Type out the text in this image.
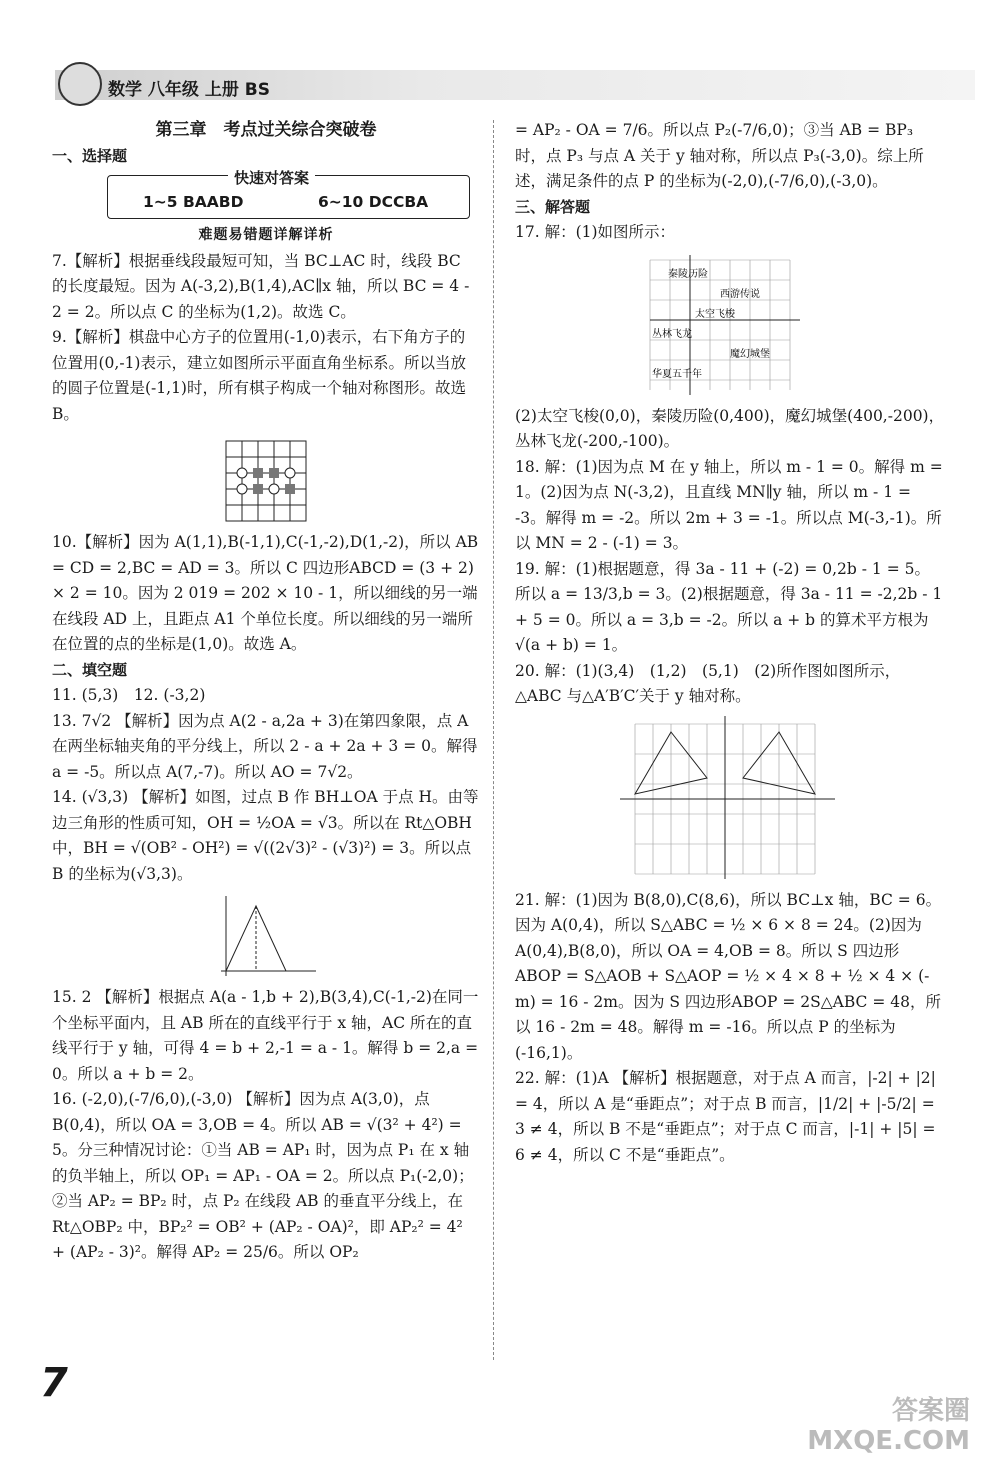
数学 八年级 上册 BS

第三章　考点过关综合突破卷

一、选择题

快速对答案
1~5 BAABD	6~10 DCCBA

难题易错题详解详析

7.【解析】根据垂线段最短可知，当 BC⊥AC 时，线段 BC 的长度最短。因为 A(-3,2),B(1,4),AC∥x 轴，所以 BC = 4 - 2 = 2。所以点 C 的坐标为(1,2)。故选 C。

9.【解析】棋盘中心方子的位置用(-1,0)表示，右下角方子的位置用(0,-1)表示，建立如图所示平面直角坐标系。所以当放的圆子位置是(-1,1)时，所有棋子构成一个轴对称图形。故选 B。

10.【解析】因为 A(1,1),B(-1,1),C(-1,-2),D(1,-2)，所以 AB = CD = 2,BC = AD = 3。所以 C 四边形ABCD = (3 + 2) × 2 = 10。因为 2 019 = 202 × 10 - 1，所以细线的另一端在线段 AD 上，且距点 A1 个单位长度。所以细线的另一端所在位置的点的坐标是(1,0)。故选 A。

二、填空题

11. (5,3)　12. (-3,2)

13. 7√2 【解析】因为点 A(2 - a,2a + 3)在第四象限，点 A 在两坐标轴夹角的平分线上，所以 2 - a + 2a + 3 = 0。解得 a = -5。所以点 A(7,-7)。所以 AO = 7√2。

14. (√3,3) 【解析】如图，过点 B 作 BH⊥OA 于点 H。由等边三角形的性质可知，OH = ½OA = √3。所以在 Rt△OBH 中，BH = √(OB² - OH²) = √((2√3)² - (√3)²) = 3。所以点 B 的坐标为(√3,3)。

15. 2 【解析】根据点 A(a - 1,b + 2),B(3,4),C(-1,-2)在同一个坐标平面内，且 AB 所在的直线平行于 x 轴，AC 所在的直线平行于 y 轴，可得 4 = b + 2,-1 = a - 1。解得 b = 2,a = 0。所以 a + b = 2。

16. (-2,0),(-7/6,0),(-3,0) 【解析】因为点 A(3,0)，点 B(0,4)，所以 OA = 3,OB = 4。所以 AB = √(3² + 4²) = 5。分三种情况讨论：①当 AB = AP₁ 时，因为点 P₁ 在 x 轴的负半轴上，所以 OP₁ = AP₁ - OA = 2。所以点 P₁(-2,0)；②当 AP₂ = BP₂ 时，点 P₂ 在线段 AB 的垂直平分线上，在 Rt△OBP₂ 中，BP₂² = OB² + (AP₂ - OA)²，即 AP₂² = 4² + (AP₂ - 3)²。解得 AP₂ = 25/6。所以 OP₂

= AP₂ - OA = 7/6。所以点 P₂(-7/6,0)；③当 AB = BP₃ 时，点 P₃ 与点 A 关于 y 轴对称，所以点 P₃(-3,0)。综上所述，满足条件的点 P 的坐标为(-2,0),(-7/6,0),(-3,0)。

三、解答题

17. 解：(1)如图所示：

秦陵历险
西游传说
太空飞梭
丛林飞龙
魔幻城堡
华夏五千年

(2)太空飞梭(0,0)，秦陵历险(0,400)，魔幻城堡(400,-200)，丛林飞龙(-200,-100)。

18. 解：(1)因为点 M 在 y 轴上，所以 m - 1 = 0。解得 m = 1。(2)因为点 N(-3,2)，且直线 MN∥y 轴，所以 m - 1 = -3。解得 m = -2。所以 2m + 3 = -1。所以点 M(-3,-1)。所以 MN = 2 - (-1) = 3。

19. 解：(1)根据题意，得 3a - 11 + (-2) = 0,2b - 1 = 5。所以 a = 13/3,b = 3。(2)根据题意，得 3a - 11 = -2,2b - 1 + 5 = 0。所以 a = 3,b = -2。所以 a + b 的算术平方根为 √(a + b) = 1。

20. 解：(1)(3,4)　(1,2)　(5,1)　(2)所作图如图所示，△ABC 与△A′B′C′关于 y 轴对称。

21. 解：(1)因为 B(8,0),C(8,6)，所以 BC⊥x 轴，BC = 6。因为 A(0,4)，所以 S△ABC = ½ × 6 × 8 = 24。(2)因为 A(0,4),B(8,0)，所以 OA = 4,OB = 8。所以 S 四边形ABOP = S△AOB + S△AOP = ½ × 4 × 8 + ½ × 4 × (-m) = 16 - 2m。因为 S 四边形ABOP = 2S△ABC = 48，所以 16 - 2m = 48。解得 m = -16。所以点 P 的坐标为(-16,1)。

22. 解：(1)A 【解析】根据题意，对于点 A 而言，|-2| + |2| = 4，所以 A 是“垂距点”；对于点 B 而言，|1/2| + |-5/2| = 3 ≠ 4，所以 B 不是“垂距点”；对于点 C 而言，|-1| + |5| = 6 ≠ 4，所以 C 不是“垂距点”。

7
答案圈
MXQE.COM
